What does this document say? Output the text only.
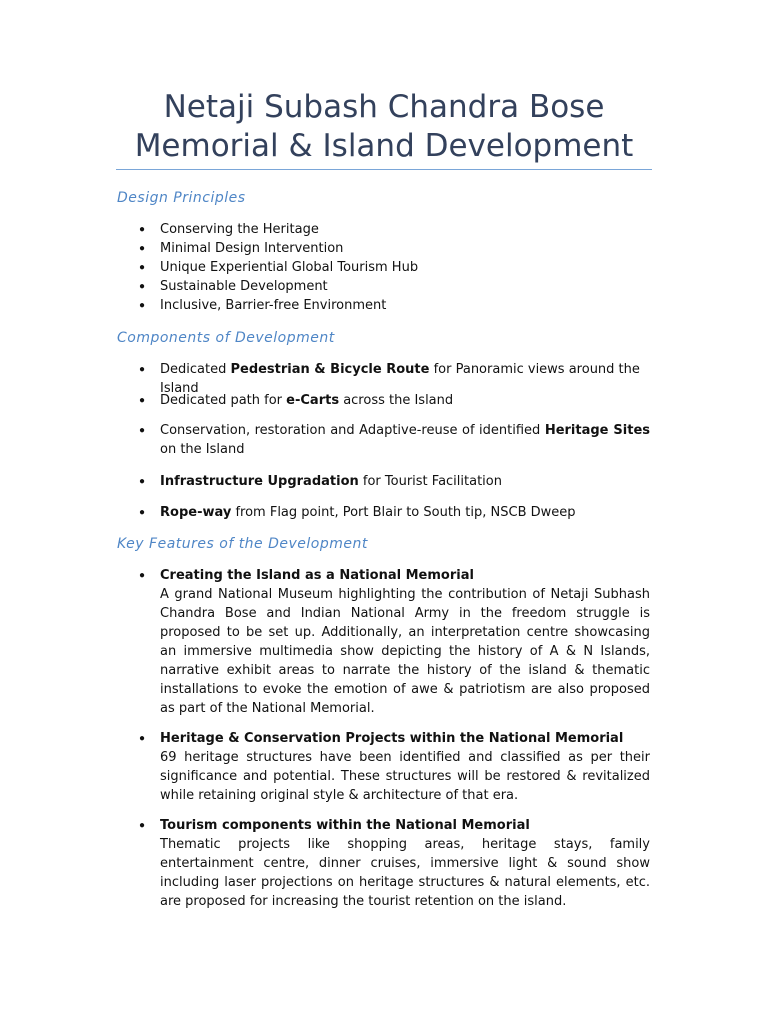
Netaji Subash Chandra Bose
Memorial & Island Development
Design Principles
● Conserving the Heritage
● Minimal Design Intervention
● Unique Experiential Global Tourism Hub
● Sustainable Development
● Inclusive, Barrier-free Environment
Components of Development
● Dedicated Pedestrian & Bicycle Route for Panoramic views around the Island
● Dedicated path for e-Carts across the Island
● Conservation, restoration and Adaptive-reuse of identified Heritage Sites on the Island
● Infrastructure Upgradation for Tourist Facilitation
● Rope-way from Flag point, Port Blair to South tip, NSCB Dweep
Key Features of the Development
● Creating the Island as a National Memorial
A grand National Museum highlighting the contribution of Netaji Subhash Chandra Bose and Indian National Army in the freedom struggle is proposed to be set up. Additionally, an interpretation centre showcasing an immersive multimedia show depicting the history of A & N Islands, narrative exhibit areas to narrate the history of the island & thematic installations to evoke the emotion of awe & patriotism are also proposed as part of the National Memorial.
● Heritage & Conservation Projects within the National Memorial
69 heritage structures have been identified and classified as per their significance and potential. These structures will be restored & revitalized while retaining original style & architecture of that era.
● Tourism components within the National Memorial
Thematic projects like shopping areas, heritage stays, family entertainment centre, dinner cruises, immersive light & sound show including laser projections on heritage structures & natural elements, etc. are proposed for increasing the tourist retention on the island.
